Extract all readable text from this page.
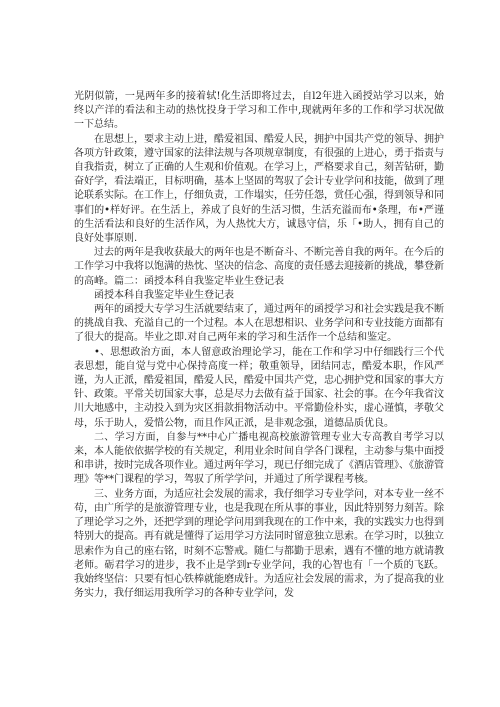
光阴似箭，一晃两年多的接着轼!化生活即将过去，自l2年进入函授站学习以来，始终以产洋的看法和主动的热忱投身于学习和工作中,现就两年多的工作和学习状况做一下总结。

在思想上，要求主动上进，酷爱祖国、酷爱人民，拥护中国共产党的领导、拥护各项方针政策，遵守国家的法律法规与各项规章制度，有很强的上进心，勇于指责与自我指责，树立了正确的人生观和价值观。在学习上，严格要求自己，刻苦钻研，勤奋好学，看法端正，目标明确，基本上坚固的驾驭了会计专业学问和技能，做到了理论联系实际。在工作上，仔细负责，工作塌实，任劳任怨，赏任心强，得到领导和同事们的•样好评。在生活上，养成了良好的生活习惯，生活充溢而布•条理，布•严谨的生活看法和良好的生活作风，为人热忱大方，诚恳守信，乐「•助人，拥有自己的良好处事原则.

过去的两年是我收获最大的两年也是不断奋斗、不断完善自我的两年。在今后的工作学习中我将以饱满的热忱、坚决的信念、高度的责任感去迎接新的挑战，攀登新的高峰。篇二：函授本科自我鉴定毕业生登记表

函授本科自我鉴定毕业生登记表

两年的函授大专学习生活就要结束了，通过两年的函授学习和社会实践是我不断的挑战自我、充溢自己的一个过程。本人在思想相识、业务学问和专业技能方面都有了很大的提高。毕业之即.对自己两年来的学习和生活作一个总结和鉴定。

•、思想政治方面，本人留意政治理论学习，能在工作和学习中仔细践行三个代表思想，能自觉与党中心保持高度一样；敬重领导，团结同志，酷爱本职，作风严谨，为人正派，酷爱祖国，酷爱人民，酷爱中国共产党，忠心拥护党和国家的事大方针、政策。平常关切国家大事，总是尽力去做有益于国家、社会的事。在今年我省汶川大地感中，主动投入到为灾区捐款捐物活动中。平常勤俭朴实，虚心谨慎，孝敬父母，乐于助人，爱惜公物，而且作风正派，是非观念强，道德品质优良。

二、学习方面，自参与**中心广播电视高校旅游管理专业大专高教自考学习以来，本人能依依据学校的有关规定，利用业余时间自学各门课程，主动参与集中面授和串讲，按时完成各项作业。通过两年学习，现已仔细完成了《酒店管理》、《旅游管理》等**门课程的学习，驾驭了所学学问，并通过了所学课程考核。

三、业务方面，为适应社会发展的需求，我仔细学习专业学问，对本专业一丝不苟，由广所学的是旅游管理专业，也是我现在所从事的事业，因此特别努力刻苦。除了理论学习之外，还把学到的理论学问用到我现在的工作中来，我的实践实力也得到特别大的提高。再有就是懂得了运用学习方法同时留意独立思索。在学习时，以独立思索作为自己的座右铭，时刻不忘警戒。随仁与都勤于思索，遇有不懂的地方就请教老师。砺君学习的进步，我不止是学到r专业学问，我的心智也有「一个质的飞跃。我始终坚信：只要有恒心铁棒就能磨成针。为适应社会发展的需求，为了提高我的业务实力，我仔细运用我所学习的各种专业学问，发
